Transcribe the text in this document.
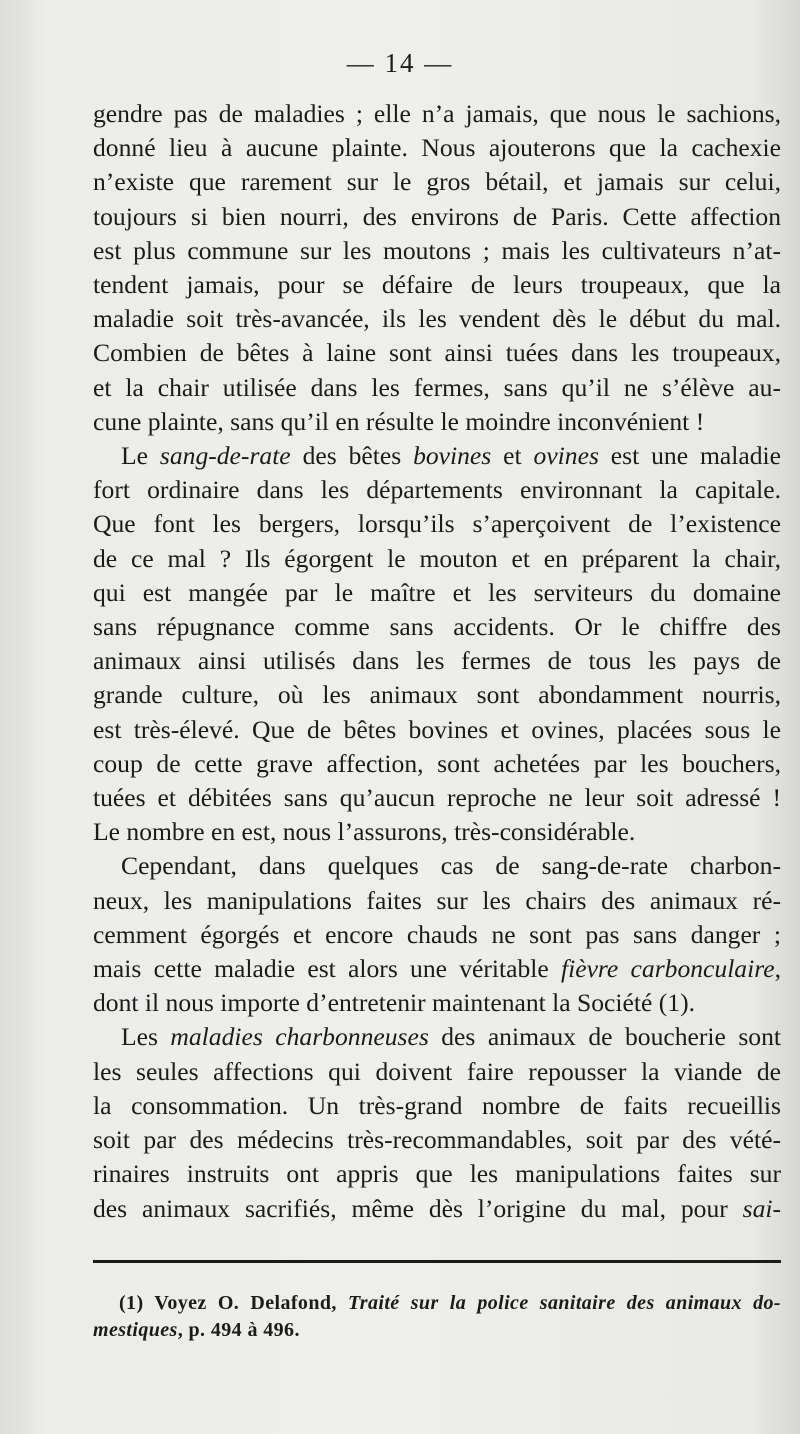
— 14 —
gendre pas de maladies ; elle n’a jamais, que nous le sachions,
donné lieu à aucune plainte. Nous ajouterons que la cachexie
n’existe que rarement sur le gros bétail, et jamais sur celui,
toujours si bien nourri, des environs de Paris. Cette affection
est plus commune sur les moutons ; mais les cultivateurs n’at-
tendent jamais, pour se défaire de leurs troupeaux, que la
maladie soit très-avancée, ils les vendent dès le début du mal.
Combien de bêtes à laine sont ainsi tuées dans les troupeaux,
et la chair utilisée dans les fermes, sans qu’il ne s’élève au-
cune plainte, sans qu’il en résulte le moindre inconvénient !
Le sang-de-rate des bêtes bovines et ovines est une maladie
fort ordinaire dans les départements environnant la capitale.
Que font les bergers, lorsqu’ils s’aperçoivent de l’existence
de ce mal ? Ils égorgent le mouton et en préparent la chair,
qui est mangée par le maître et les serviteurs du domaine
sans répugnance comme sans accidents. Or le chiffre des
animaux ainsi utilisés dans les fermes de tous les pays de
grande culture, où les animaux sont abondamment nourris,
est très-élevé. Que de bêtes bovines et ovines, placées sous le
coup de cette grave affection, sont achetées par les bouchers,
tuées et débitées sans qu’aucun reproche ne leur soit adressé !
Le nombre en est, nous l’assurons, très-considérable.
Cependant, dans quelques cas de sang-de-rate charbon-
neux, les manipulations faites sur les chairs des animaux ré-
cemment égorgés et encore chauds ne sont pas sans danger ;
mais cette maladie est alors une véritable fièvre carbonculaire,
dont il nous importe d’entretenir maintenant la Société (1).
Les maladies charbonneuses des animaux de boucherie sont
les seules affections qui doivent faire repousser la viande de
la consommation. Un très-grand nombre de faits recueillis
soit par des médecins très-recommandables, soit par des vété-
rinaires instruits ont appris que les manipulations faites sur
des animaux sacrifiés, même dès l’origine du mal, pour sai-
(1) Voyez O. Delafond, Traité sur la police sanitaire des animaux do-
mestiques, p. 494 à 496.
